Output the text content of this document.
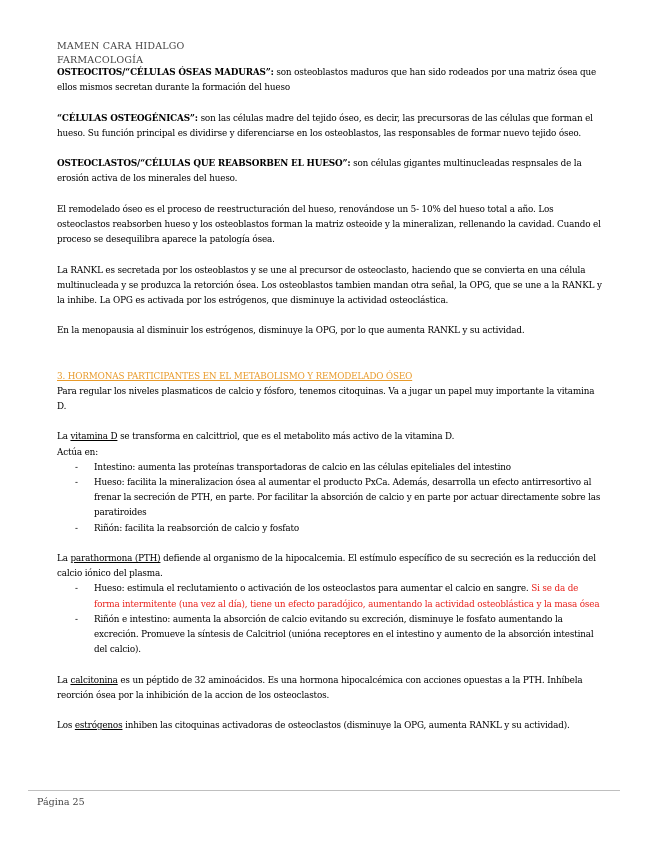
MAMEN CARA HIDALGO
FARMACOLOGÍA

OSTEOCITOS/“CÉLULAS ÓSEAS MADURAS”: son osteoblastos maduros que han sido rodeados por una matriz ósea que ellos mismos secretan durante la formación del hueso

“CÉLULAS OSTEOGÉNICAS”: son las células madre del tejido óseo, es decir, las precursoras de las células que forman el hueso. Su función principal es dividirse y diferenciarse en los osteoblastos, las responsables de formar nuevo tejido óseo.

OSTEOCLASTOS/“CÉLULAS QUE REABSORBEN EL HUESO”: son células gigantes multinucleadas respnsales de la erosión activa de los minerales del hueso.

El remodelado óseo es el proceso de reestructuración del hueso, renovándose un 5- 10% del hueso total a año. Los osteoclastos reabsorben hueso y los osteoblastos forman la matriz osteoide y la mineralizan, rellenando la cavidad. Cuando el proceso se desequilibra aparece la patología ósea.

La RANKL es secretada por los osteoblastos y se une al precursor de osteoclasto, haciendo que se convierta en una célula multinucleada y se produzca la retorción ósea. Los osteoblastos tambien mandan otra señal, la OPG, que se une a la RANKL y la inhibe. La OPG es activada por los estrógenos, que disminuye la actividad osteoclástica.

En la menopausia al disminuir los estrógenos, disminuye la OPG, por lo que aumenta RANKL y su actividad.

3. HORMONAS PARTICIPANTES EN EL METABOLISMO Y REMODELADO ÓSEO

Para regular los niveles plasmaticos de calcio y fósforo, tenemos citoquinas. Va a jugar un papel muy importante la vitamina D.

La vitamina D se transforma en calcittriol, que es el metabolito más activo de la vitamina D.

Actúa en:

- Intestino: aumenta las proteínas transportadoras de calcio en las células epiteliales del intestino
- Hueso: facilita la mineralizacion ósea al aumentar el producto PxCa. Además, desarrolla un efecto antirresortivo al frenar la secreción de PTH, en parte. Por facilitar la absorción de calcio y en parte por actuar directamente sobre las paratiroides
- Riñón: facilita la reabsorción de calcio y fosfato

La parathormona (PTH) defiende al organismo de la hipocalcemia. El estímulo específico de su secreción es la reducción del calcio iónico del plasma.

- Hueso: estimula el reclutamiento o activación de los osteoclastos para aumentar el calcio en sangre. Si se da de forma intermitente (una vez al día), tiene un efecto paradójico, aumentando la actividad osteoblástica y la masa ósea
- Riñón e intestino: aumenta la absorción de calcio evitando su excreción, disminuye le fosfato aumentando la excreción. Promueve la síntesis de Calcitriol (unióna receptores en el intestino y aumento de la absorción intestinal del calcio).

La calcitonina es un péptido de 32 aminoácidos. Es una hormona hipocalcémica con acciones opuestas a la PTH. Inhíbela reorción ósea por la inhibición de la accion de los osteoclastos.

Los estrógenos inhiben las citoquinas activadoras de osteoclastos (disminuye la OPG, aumenta RANKL y su actividad).

Página 25
